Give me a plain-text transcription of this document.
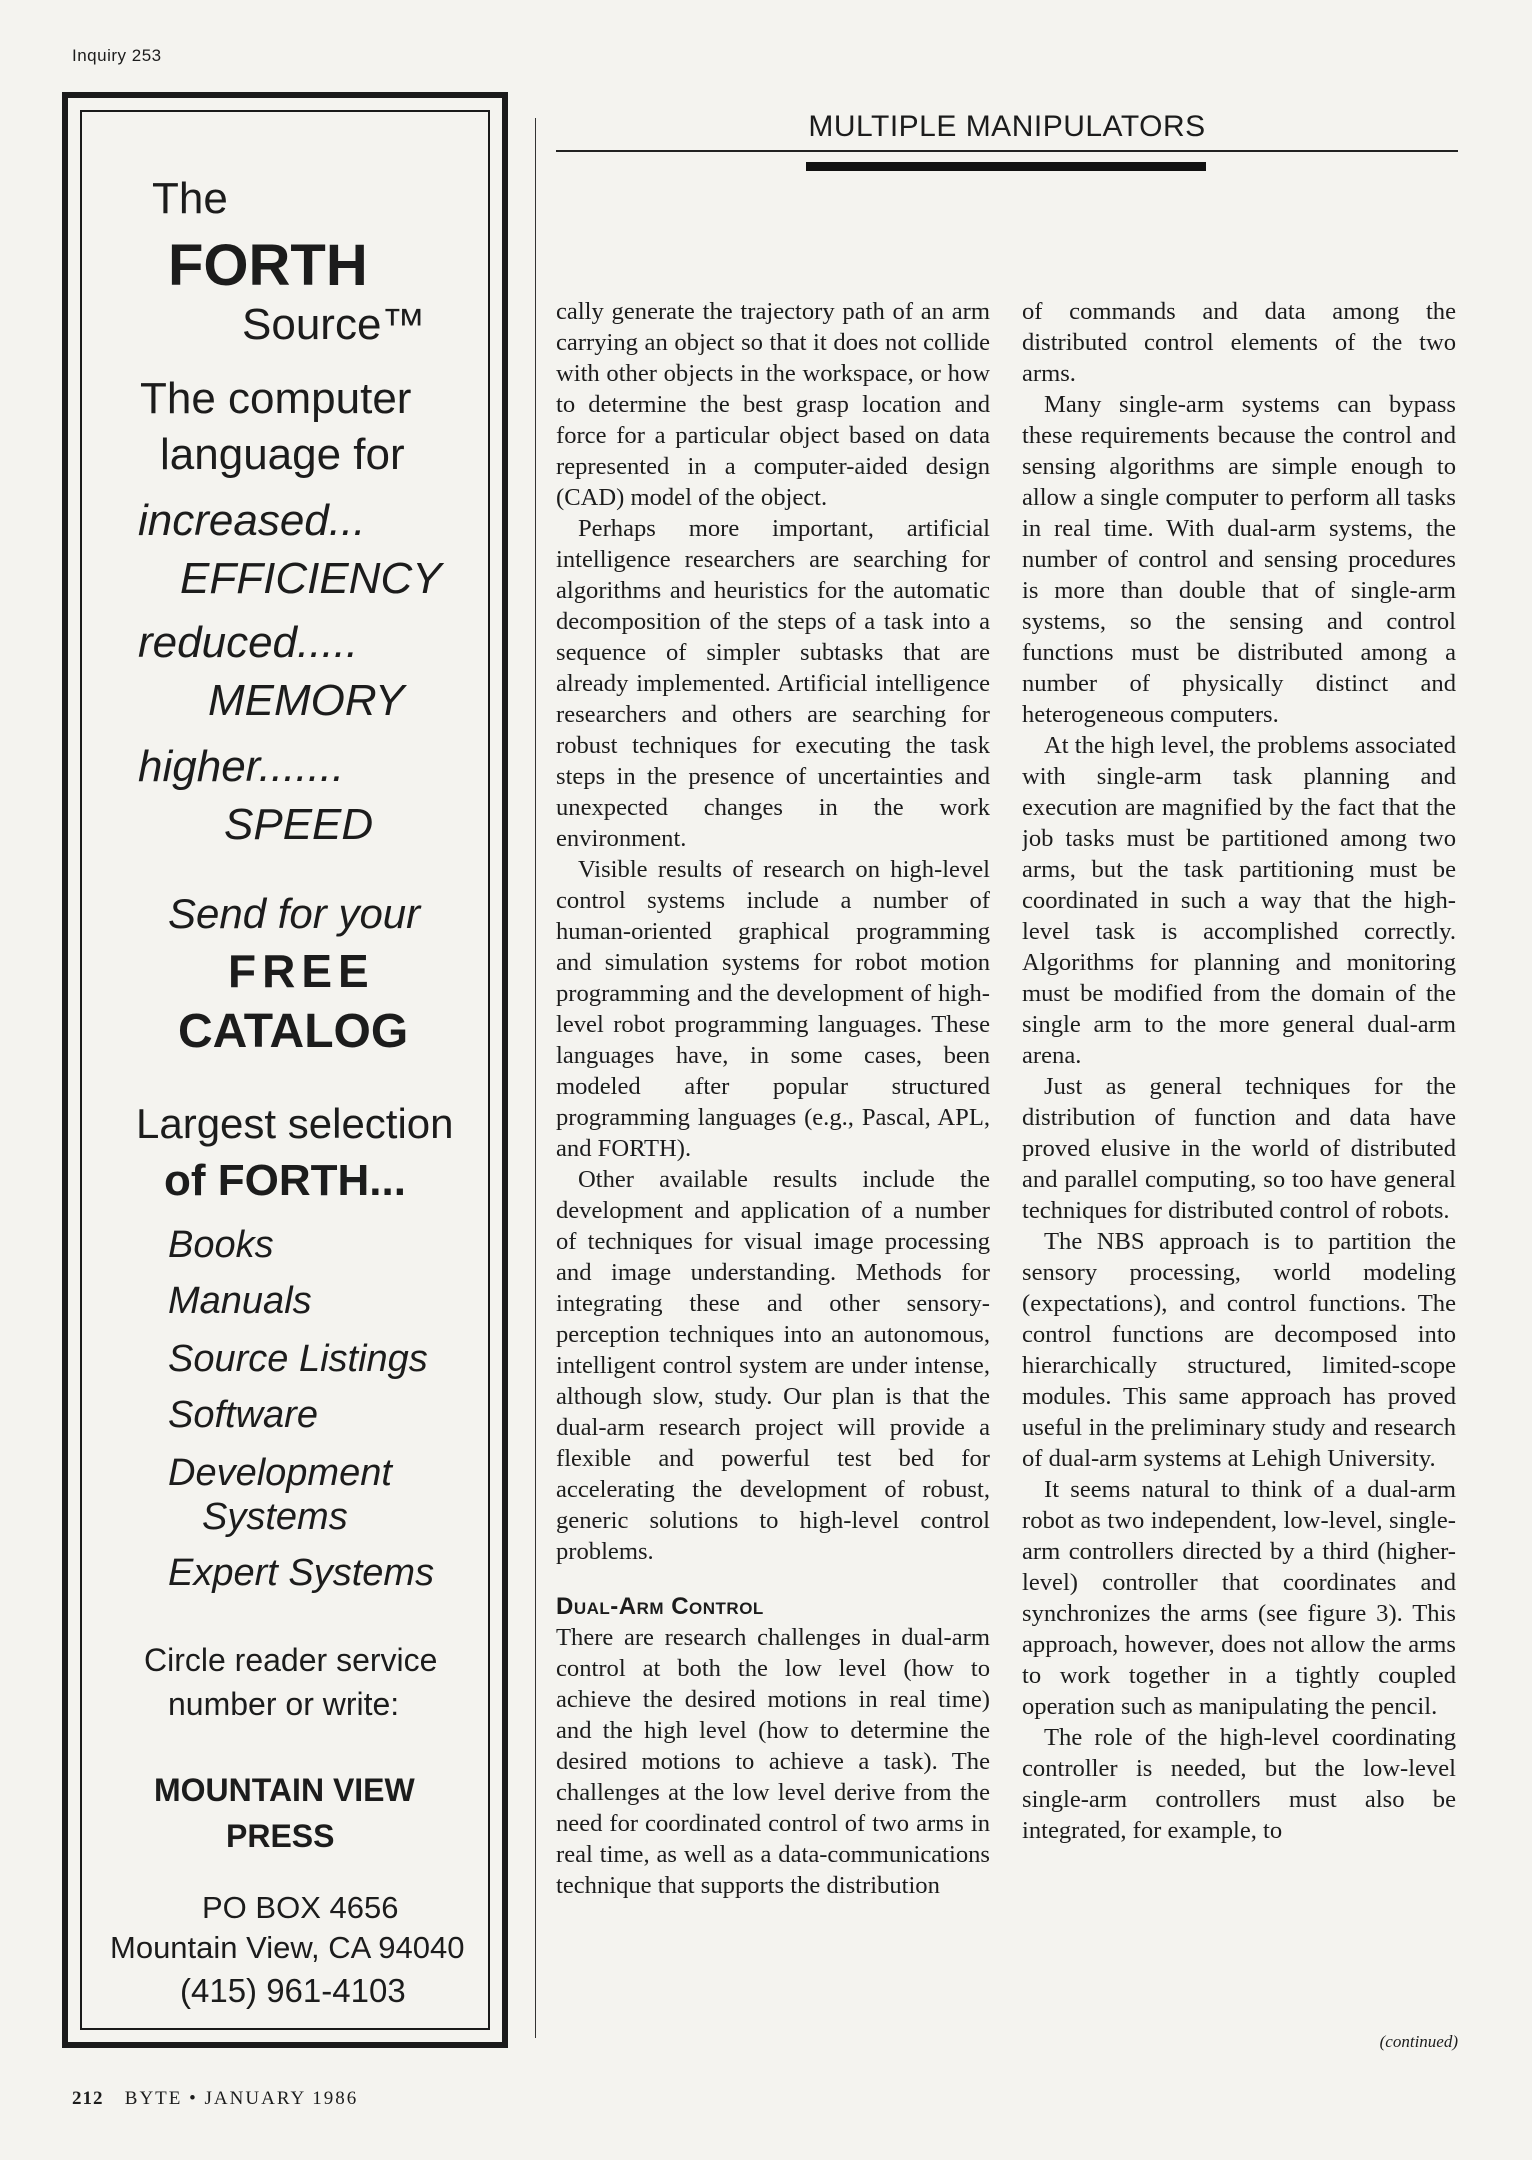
Inquiry 253
The
FORTH
Source™
The computer
language for
increased...
EFFICIENCY
reduced.....
MEMORY
higher.......
SPEED
Send for your
FREE
CATALOG
Largest selection
of FORTH...
Books
Manuals
Source Listings
Software
Development
Systems
Expert Systems
Circle reader service
number or write:
MOUNTAIN VIEW
PRESS
PO BOX 4656
Mountain View, CA 94040
(415) 961-4103
MULTIPLE MANIPULATORS

cally generate the trajectory path of an arm carrying an object so that it does not collide with other objects in the workspace, or how to determine the best grasp location and force for a particular object based on data represented in a computer-aided design (CAD) model of the object.

Perhaps more important, artificial intelligence researchers are searching for algorithms and heuristics for the automatic decomposition of the steps of a task into a sequence of simpler subtasks that are already implemented. Artificial intelligence researchers and others are searching for robust techniques for executing the task steps in the presence of uncertainties and unexpected changes in the work environment.

Visible results of research on high-level control systems include a number of human-oriented graphical programming and simulation systems for robot motion programming and the development of high-level robot programming languages. These languages have, in some cases, been modeled after popular structured programming languages (e.g., Pascal, APL, and FORTH).

Other available results include the development and application of a number of techniques for visual image processing and image understanding. Methods for integrating these and other sensory-perception techniques into an autonomous, intelligent control system are under intense, although slow, study. Our plan is that the dual-arm research project will provide a flexible and powerful test bed for accelerating the development of robust, generic solutions to high-level control problems.

Dual-Arm Control

There are research challenges in dual-arm control at both the low level (how to achieve the desired motions in real time) and the high level (how to determine the desired motions to achieve a task). The challenges at the low level derive from the need for coordinated control of two arms in real time, as well as a data-communications technique that supports the distribution

of commands and data among the distributed control elements of the two arms.

Many single-arm systems can bypass these requirements because the control and sensing algorithms are simple enough to allow a single computer to perform all tasks in real time. With dual-arm systems, the number of control and sensing procedures is more than double that of single-arm systems, so the sensing and control functions must be distributed among a number of physically distinct and heterogeneous computers.

At the high level, the problems associated with single-arm task planning and execution are magnified by the fact that the job tasks must be partitioned among two arms, but the task partitioning must be coordinated in such a way that the high-level task is accomplished correctly. Algorithms for planning and monitoring must be modified from the domain of the single arm to the more general dual-arm arena.

Just as general techniques for the distribution of function and data have proved elusive in the world of distributed and parallel computing, so too have general techniques for distributed control of robots.

The NBS approach is to partition the sensory processing, world modeling (expectations), and control functions. The control functions are decomposed into hierarchically structured, limited-scope modules. This same approach has proved useful in the preliminary study and research of dual-arm systems at Lehigh University.

It seems natural to think of a dual-arm robot as two independent, low-level, single-arm controllers directed by a third (higher-level) controller that coordinates and synchronizes the arms (see figure 3). This approach, however, does not allow the arms to work together in a tightly coupled operation such as manipulating the pencil.

The role of the high-level coordinating controller is needed, but the low-level single-arm controllers must also be integrated, for example, to

(continued)
212 BYTE • JANUARY 1986
